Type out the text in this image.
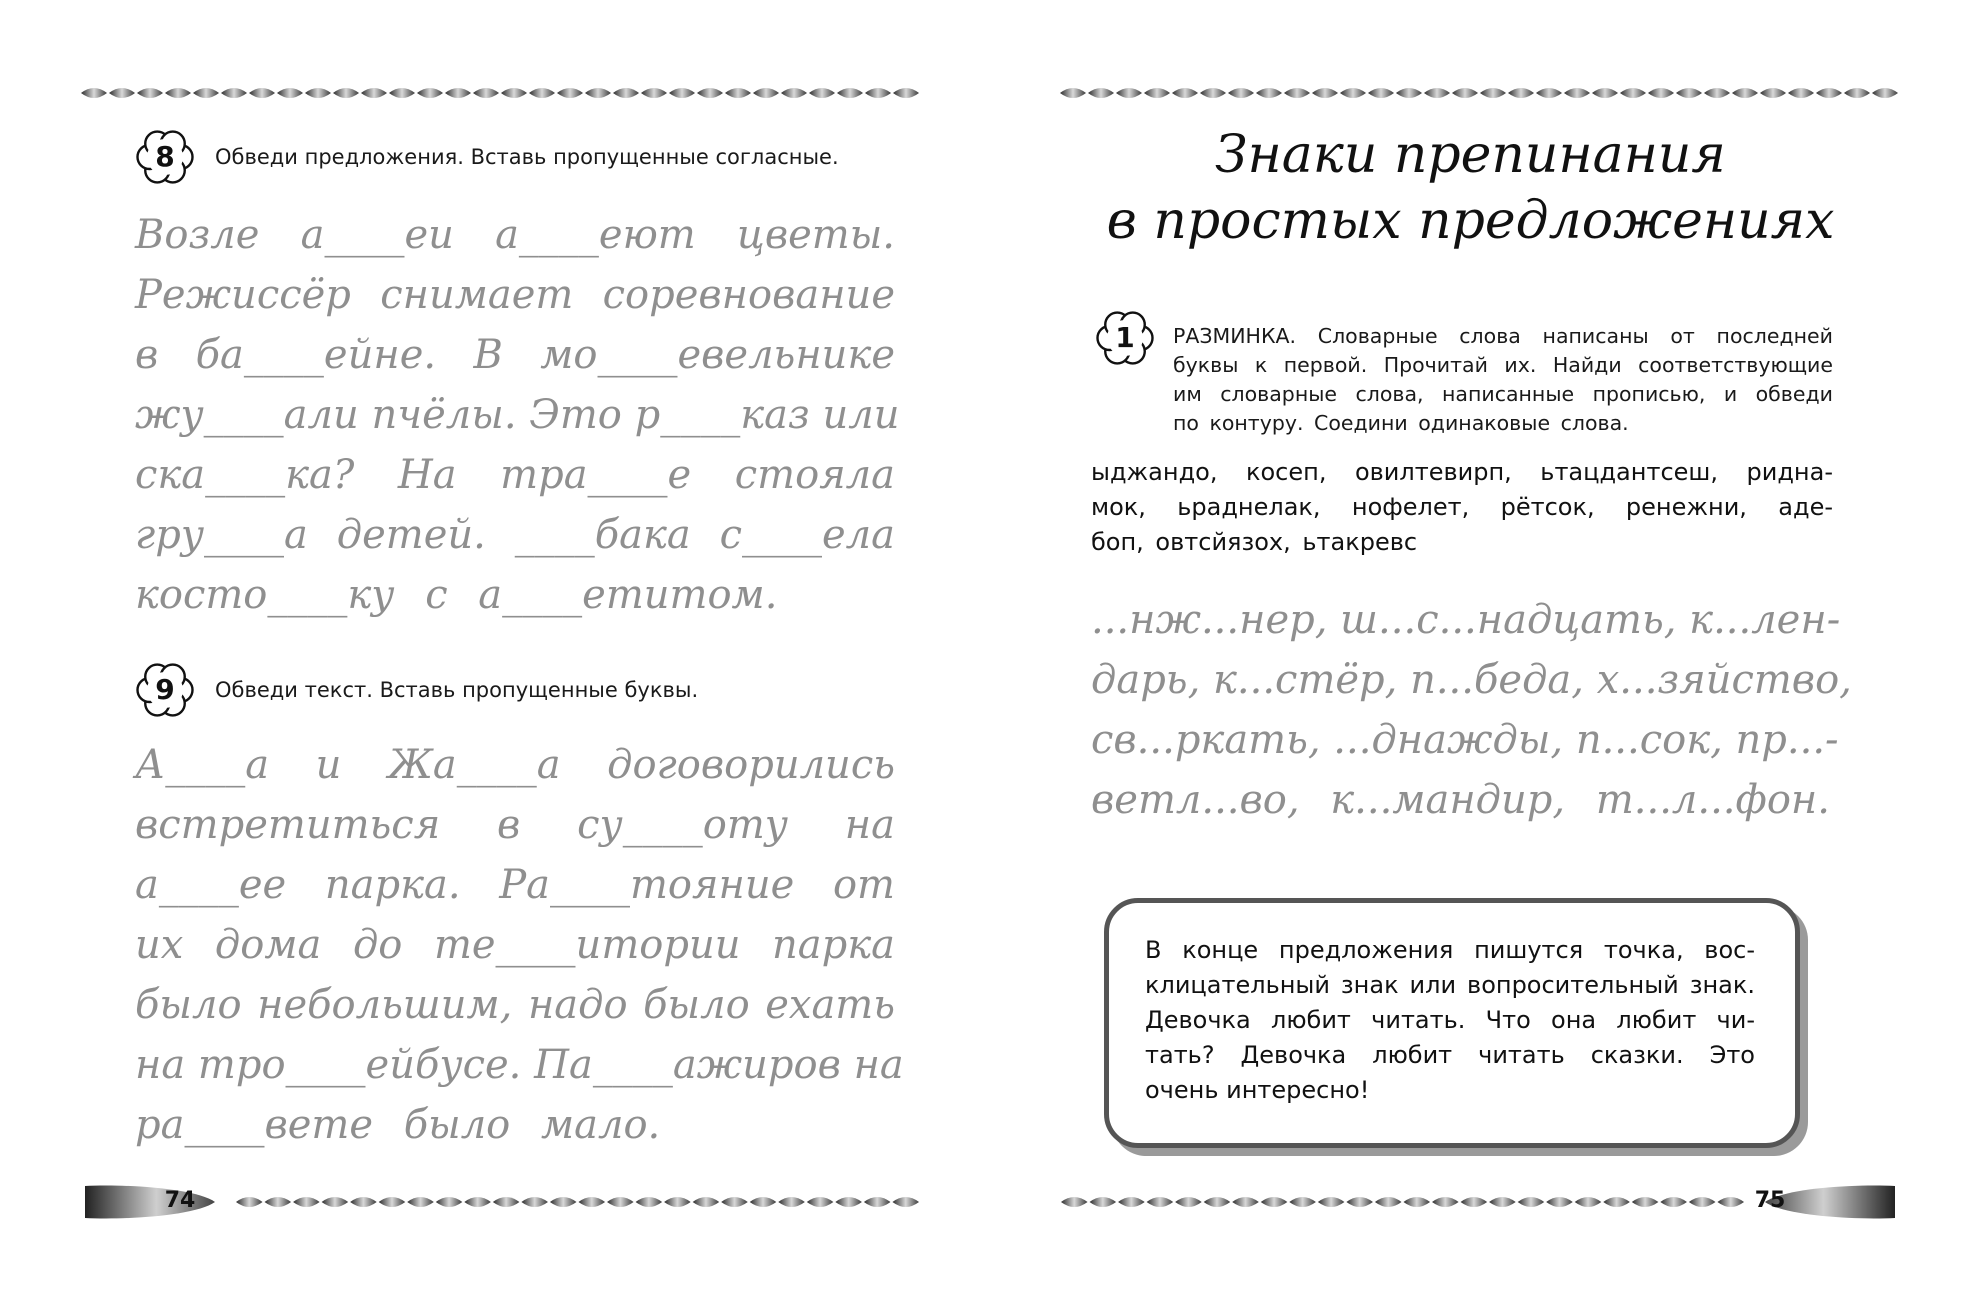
8	Обведи предложения. Вставь пропущенные согласные.
Возле а____еи а____еют цветы.
Режиссёр снимает соревнование
в ба____ейне. В мо____евельнике
жу____али пчёлы. Это р____каз или
ска____ка? На тра____е стояла
гру____а детей. ____бака с____ела
косто____ку с а____етитом.
9	Обведи текст. Вставь пропущенные буквы.
А____а и Жа____а договорились
встретиться в су____оту на
а____ее парка. Ра____тояние от
их дома до те____итории парка
было небольшим, надо было ехать
на тро____ейбусе. Па____ажиров на
ра____вете было мало.
74
Знаки препинания
в простых предложениях
1	РАЗМИНКА. Словарные слова написаны от последней
буквы к первой. Прочитай их. Найди соответствующие
им словарные слова, написанные прописью, и обведи
по контуру. Соедини одинаковые слова.
ыджандо, косеп, овилтевирп, ьтацдантсеш, ридна-
мок, ьраднелак, нофелет, рётсок, ренежни, аде-
боп, овтсйязох, ьтакревс
...нж...нер, ш...с...надцать, к...лен-
дарь, к...стёр, п...беда, х...зяйство,
св...ркать, ...днажды, п...сок, пр...-
ветл...во, к...мандир, т...л...фон.
В конце предложения пишутся точка, вос-
клицательный знак или вопросительный знак.
Девочка любит читать. Что она любит чи-
тать? Девочка любит читать сказки. Это
очень интересно!
75
